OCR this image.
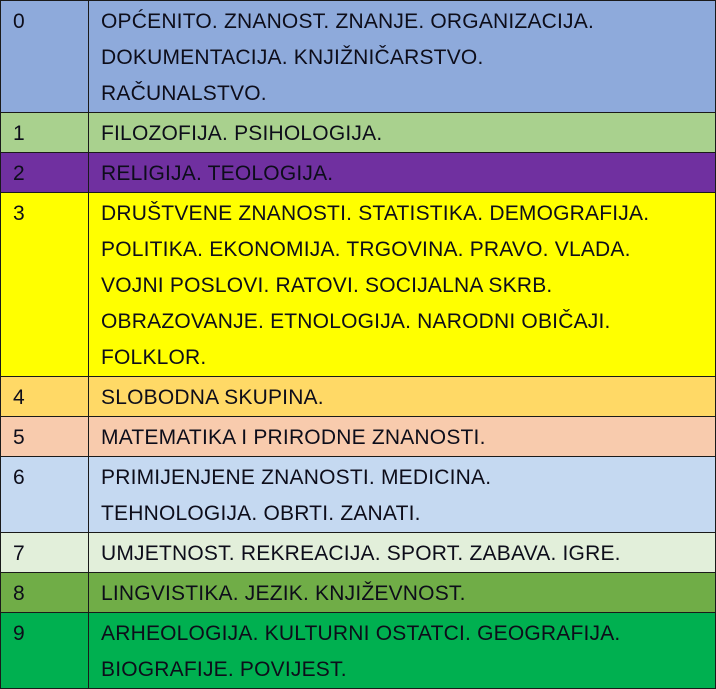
0	OPĆENITO. ZNANOST. ZNANJE. ORGANIZACIJA.
DOKUMENTACIJA. KNJIŽNIČARSTVO.
RAČUNALSTVO.

1	FILOZOFIJA. PSIHOLOGIJA.

2	RELIGIJA. TEOLOGIJA.

3	DRUŠTVENE ZNANOSTI. STATISTIKA. DEMOGRAFIJA.
POLITIKA. EKONOMIJA. TRGOVINA. PRAVO. VLADA.
VOJNI POSLOVI. RATOVI. SOCIJALNA SKRB.
OBRAZOVANJE. ETNOLOGIJA. NARODNI OBIČAJI.
FOLKLOR.

4	SLOBODNA SKUPINA.

5	MATEMATIKA I PRIRODNE ZNANOSTI.

6	PRIMIJENJENE ZNANOSTI. MEDICINA.
TEHNOLOGIJA. OBRTI. ZANATI.

7	UMJETNOST. REKREACIJA. SPORT. ZABAVA. IGRE.

8	LINGVISTIKA. JEZIK. KNJIŽEVNOST.

9	ARHEOLOGIJA. KULTURNI OSTATCI. GEOGRAFIJA.
BIOGRAFIJE. POVIJEST.
